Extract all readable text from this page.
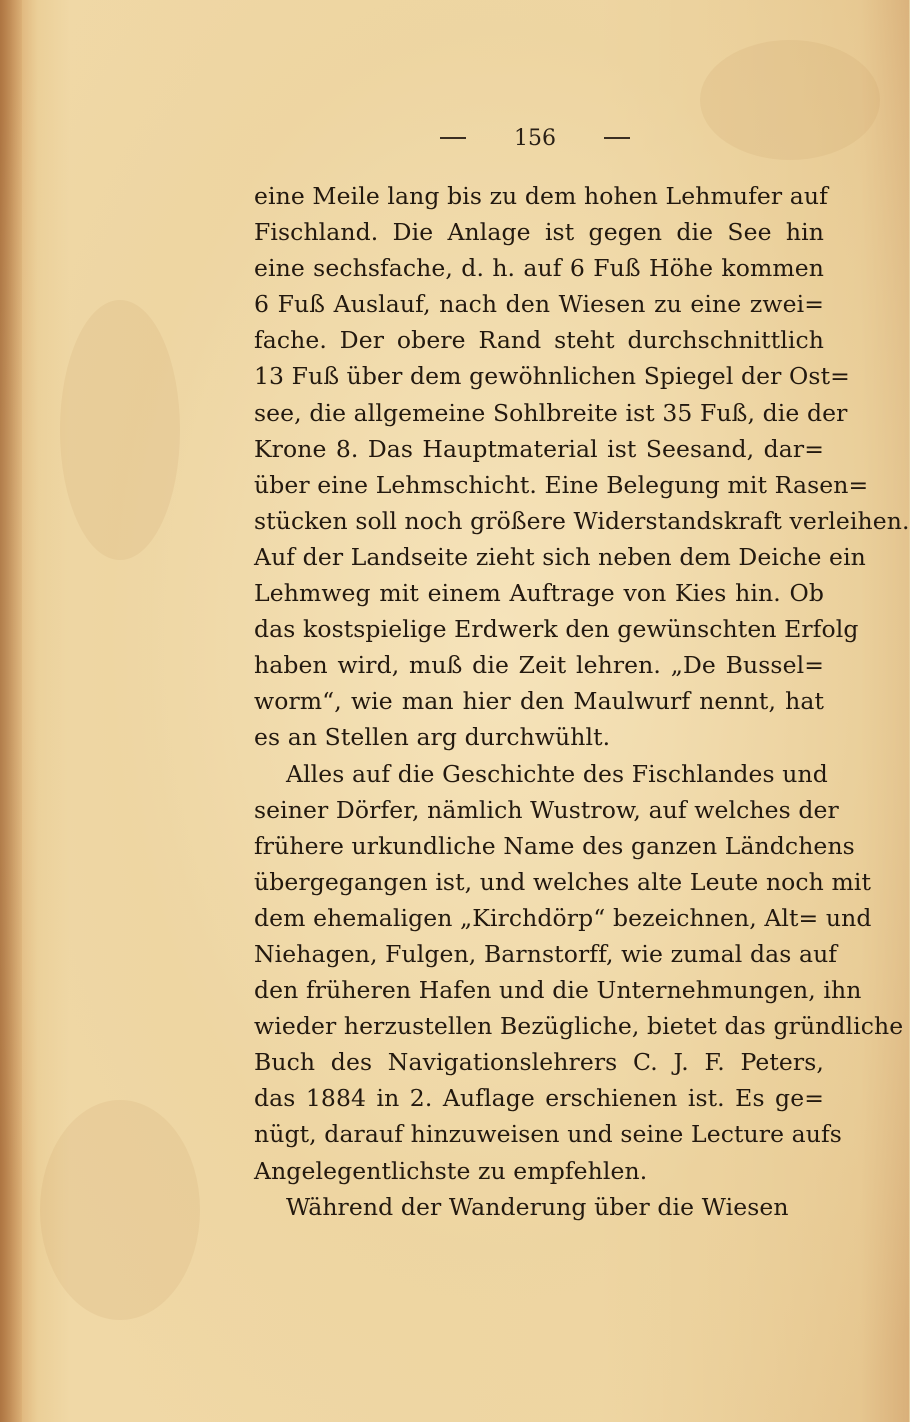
156
eine Meile lang bis zu dem hohen Lehmufer auf
Fischland. Die Anlage ist gegen die See hin
eine sechsfache, d. h. auf 6 Fuß Höhe kommen
6 Fuß Auslauf, nach den Wiesen zu eine zwei=
fache. Der obere Rand steht durchschnittlich
13 Fuß über dem gewöhnlichen Spiegel der Ost=
see, die allgemeine Sohlbreite ist 35 Fuß, die der
Krone 8. Das Hauptmaterial ist Seesand, dar=
über eine Lehmschicht. Eine Belegung mit Rasen=
stücken soll noch größere Widerstandskraft verleihen.
Auf der Landseite zieht sich neben dem Deiche ein
Lehmweg mit einem Auftrage von Kies hin. Ob
das kostspielige Erdwerk den gewünschten Erfolg
haben wird, muß die Zeit lehren. „De Bussel=
worm“, wie man hier den Maulwurf nennt, hat
es an Stellen arg durchwühlt.
Alles auf die Geschichte des Fischlandes und
seiner Dörfer, nämlich Wustrow, auf welches der
frühere urkundliche Name des ganzen Ländchens
übergegangen ist, und welches alte Leute noch mit
dem ehemaligen „Kirchdörp“ bezeichnen, Alt= und
Niehagen, Fulgen, Barnstorff, wie zumal das auf
den früheren Hafen und die Unternehmungen, ihn
wieder herzustellen Bezügliche, bietet das gründliche
Buch des Navigationslehrers C. J. F. Peters,
das 1884 in 2. Auflage erschienen ist. Es ge=
nügt, darauf hinzuweisen und seine Lecture aufs
Angelegentlichste zu empfehlen.
Während der Wanderung über die Wiesen
